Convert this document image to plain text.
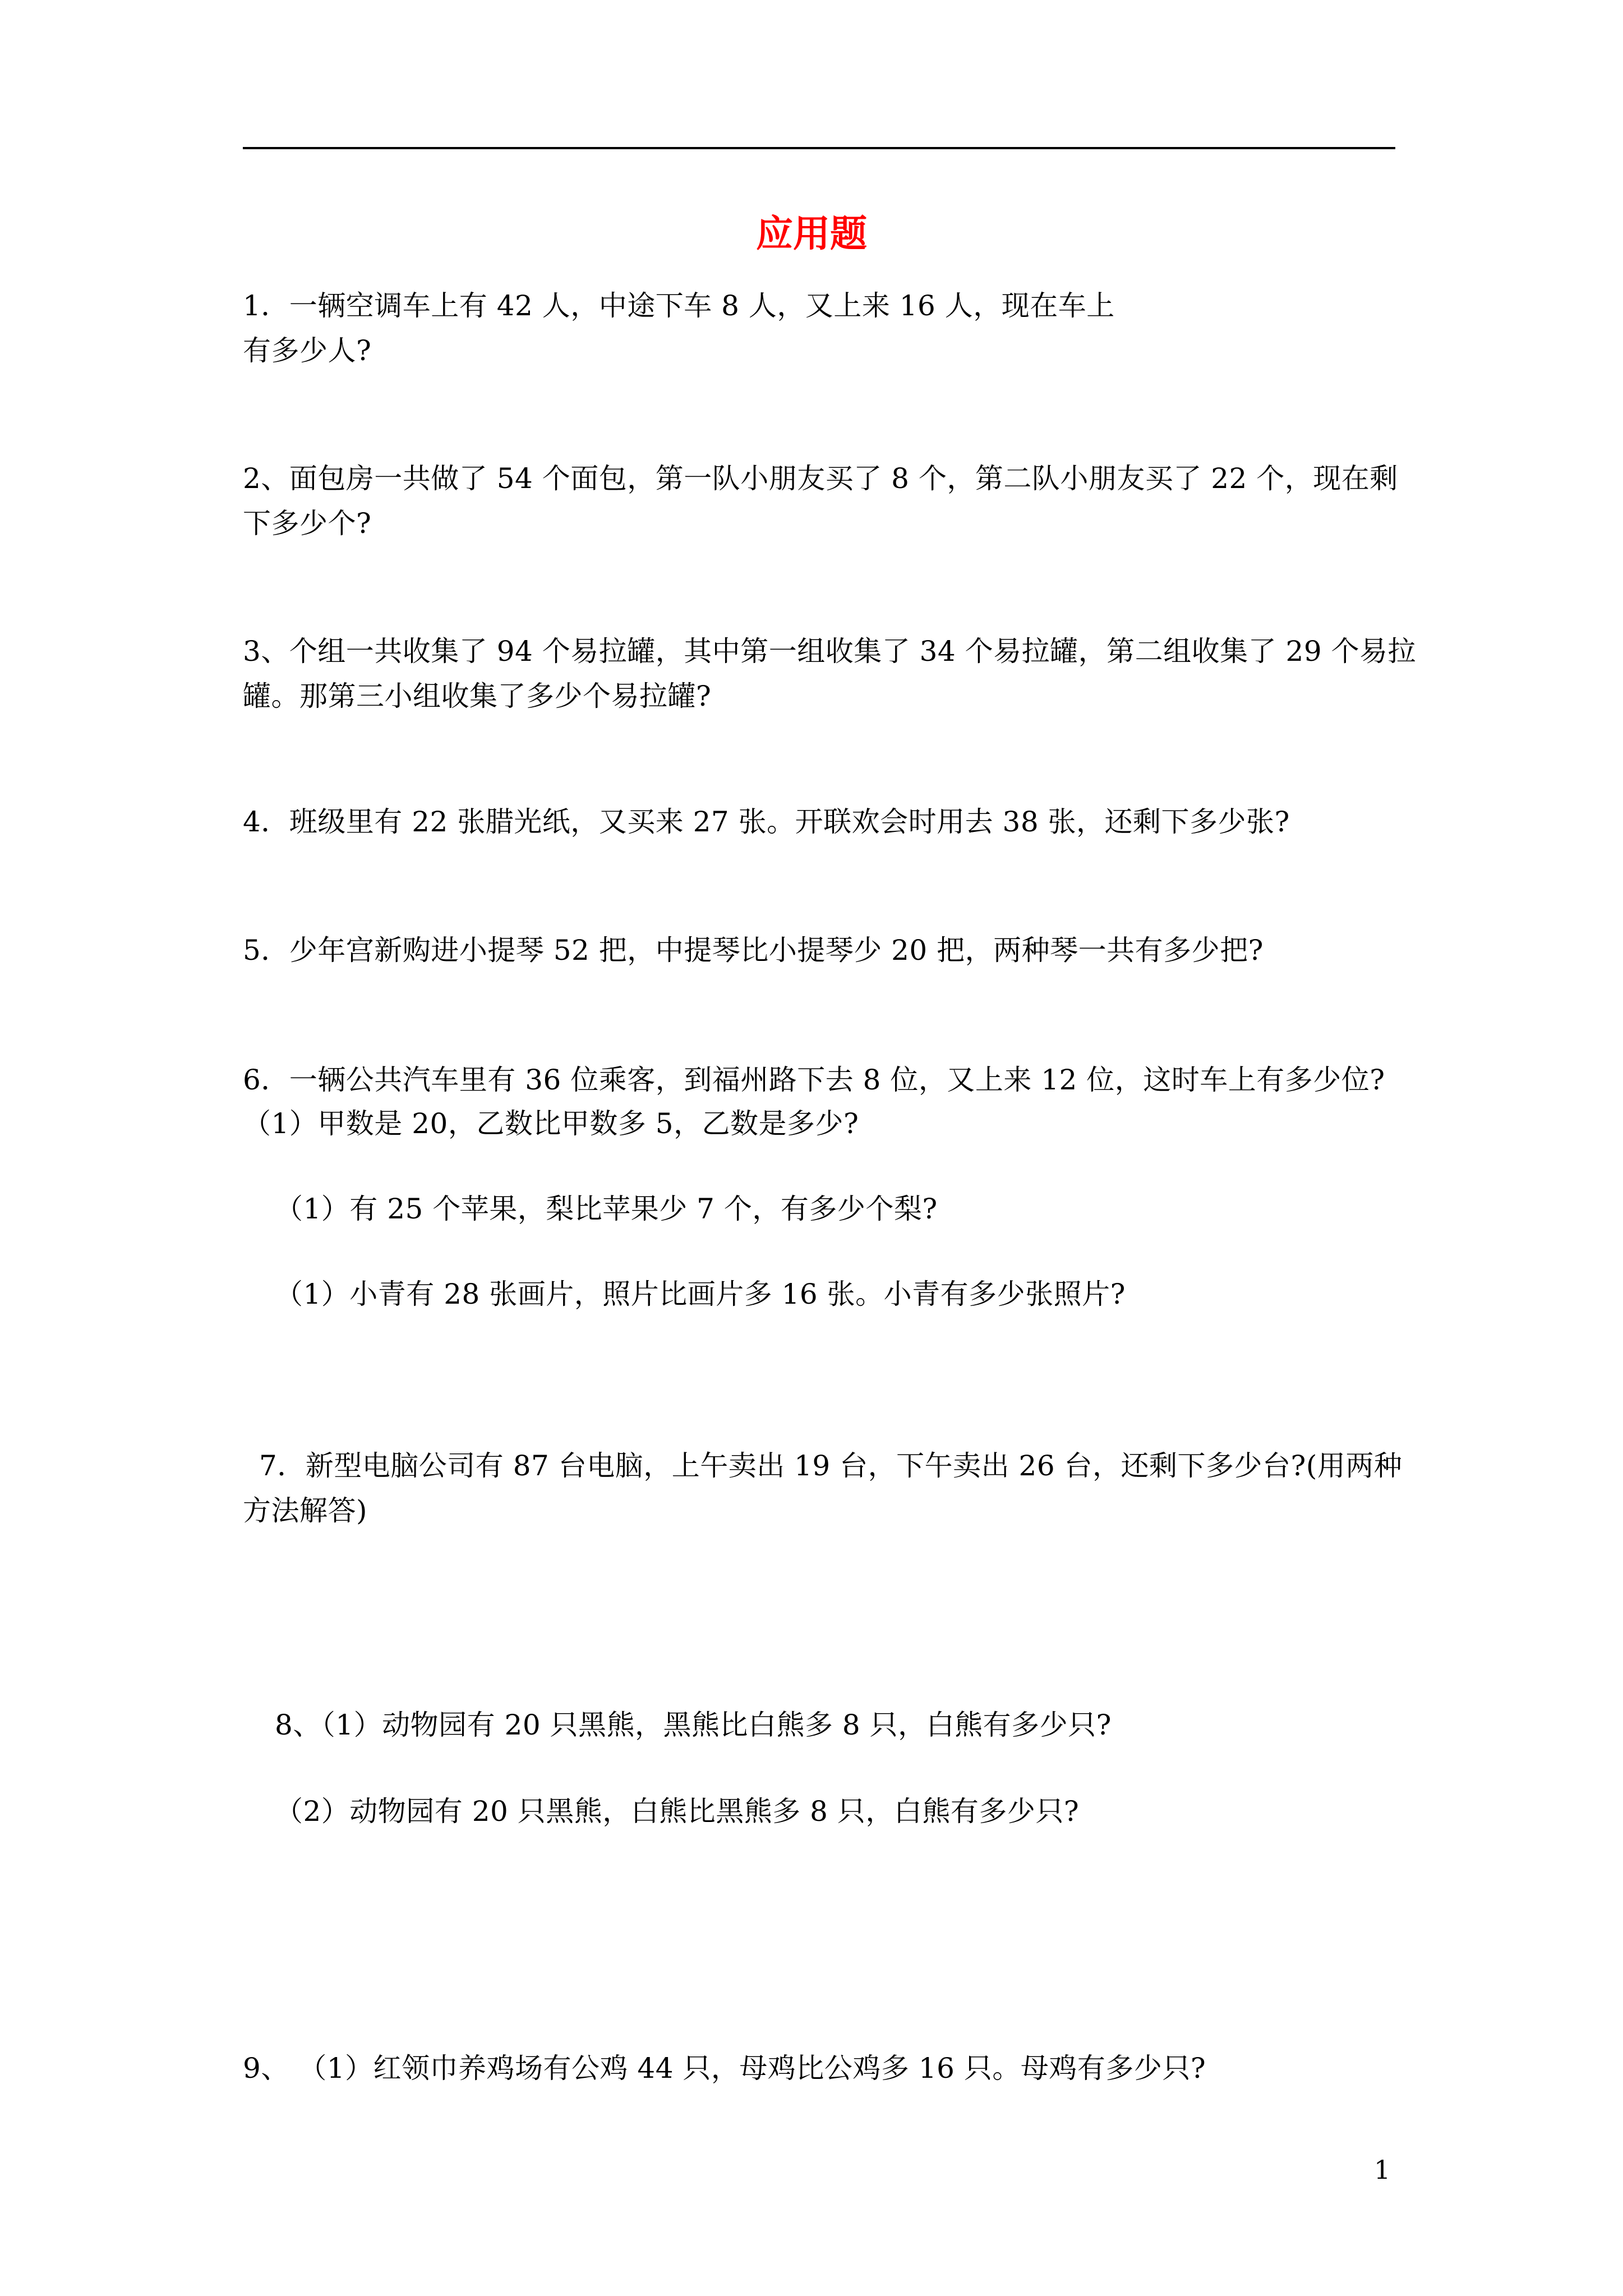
应用题
1．一辆空调车上有 42 人，中途下车 8 人，又上来 16 人，现在车上
有多少人?
2、面包房一共做了 54 个面包，第一队小朋友买了 8 个，第二队小朋友买了 22 个，现在剩
下多少个?
3、个组一共收集了 94 个易拉罐，其中第一组收集了 34 个易拉罐，第二组收集了 29 个易拉
罐。那第三小组收集了多少个易拉罐?
4．班级里有 22 张腊光纸，又买来 27 张。开联欢会时用去 38 张，还剩下多少张?
5．少年宫新购进小提琴 52 把，中提琴比小提琴少 20 把，两种琴一共有多少把?
6．一辆公共汽车里有 36 位乘客，到福州路下去 8 位，又上来 12 位，这时车上有多少位?
（1）甲数是 20，乙数比甲数多 5，乙数是多少?
（1）有 25 个苹果，梨比苹果少 7 个，有多少个梨?
（1）小青有 28 张画片，照片比画片多 16 张。小青有多少张照片?
7．新型电脑公司有 87 台电脑，上午卖出 19 台，下午卖出 26 台，还剩下多少台?(用两种
方法解答)
8、（1）动物园有 20 只黑熊，黑熊比白熊多 8 只，白熊有多少只?
（2）动物园有 20 只黑熊，白熊比黑熊多 8 只，白熊有多少只?
9、 （1）红领巾养鸡场有公鸡 44 只，母鸡比公鸡多 16 只。母鸡有多少只?
1
